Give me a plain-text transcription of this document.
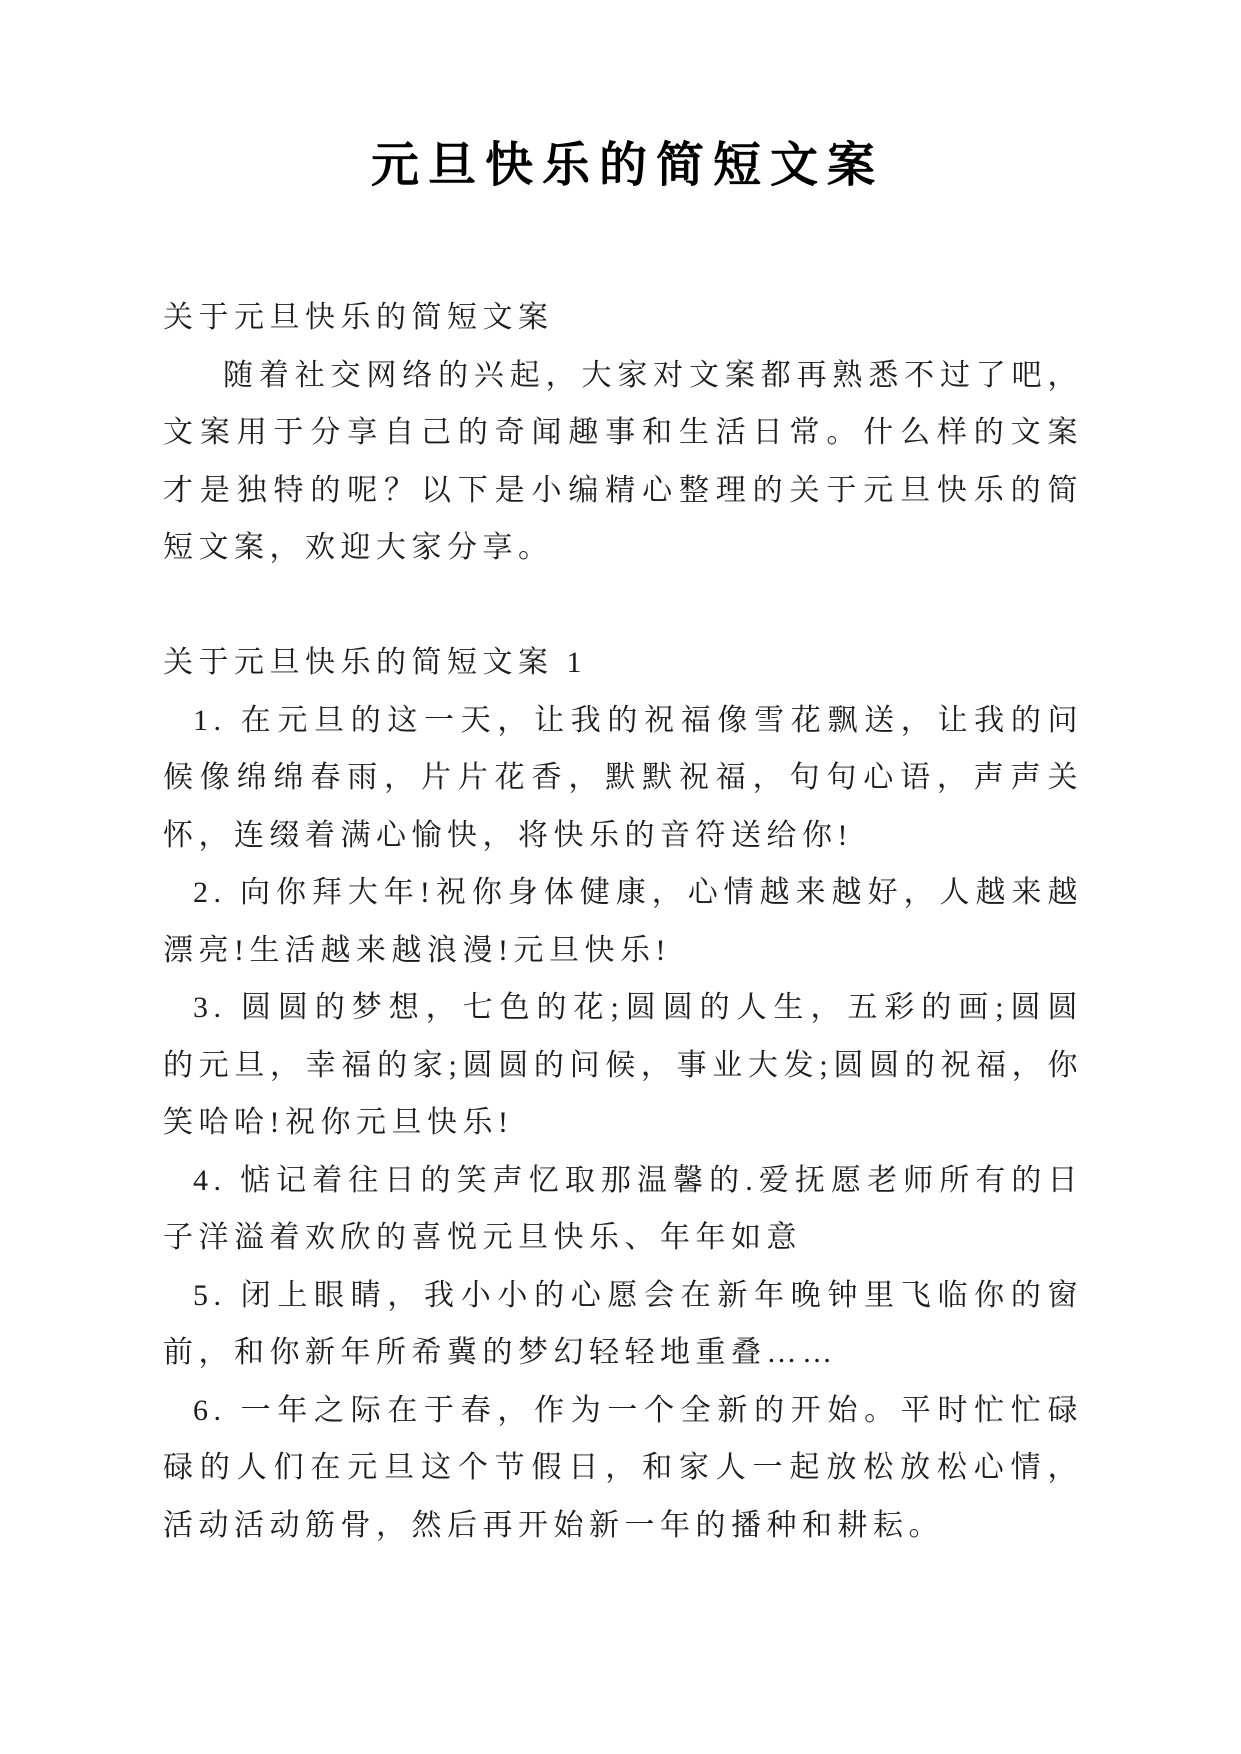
元旦快乐的简短文案

关于元旦快乐的简短文案

随着社交网络的兴起，大家对文案都再熟悉不过了吧，文案用于分享自己的奇闻趣事和生活日常。什么样的文案才是独特的呢？以下是小编精心整理的关于元旦快乐的简短文案，欢迎大家分享。

关于元旦快乐的简短文案 1

1. 在元旦的这一天，让我的祝福像雪花飘送，让我的问候像绵绵春雨，片片花香，默默祝福，句句心语，声声关怀，连缀着满心愉快，将快乐的音符送给你!

2. 向你拜大年!祝你身体健康，心情越来越好，人越来越漂亮!生活越来越浪漫!元旦快乐!

3. 圆圆的梦想，七色的花;圆圆的人生，五彩的画;圆圆的元旦，幸福的家;圆圆的问候，事业大发;圆圆的祝福，你笑哈哈!祝你元旦快乐!

4. 惦记着往日的笑声忆取那温馨的.爱抚愿老师所有的日子洋溢着欢欣的喜悦元旦快乐、年年如意

5. 闭上眼睛，我小小的心愿会在新年晚钟里飞临你的窗前，和你新年所希冀的梦幻轻轻地重叠……

6. 一年之际在于春，作为一个全新的开始。平时忙忙碌碌的人们在元旦这个节假日，和家人一起放松放松心情，活动活动筋骨，然后再开始新一年的播种和耕耘。
